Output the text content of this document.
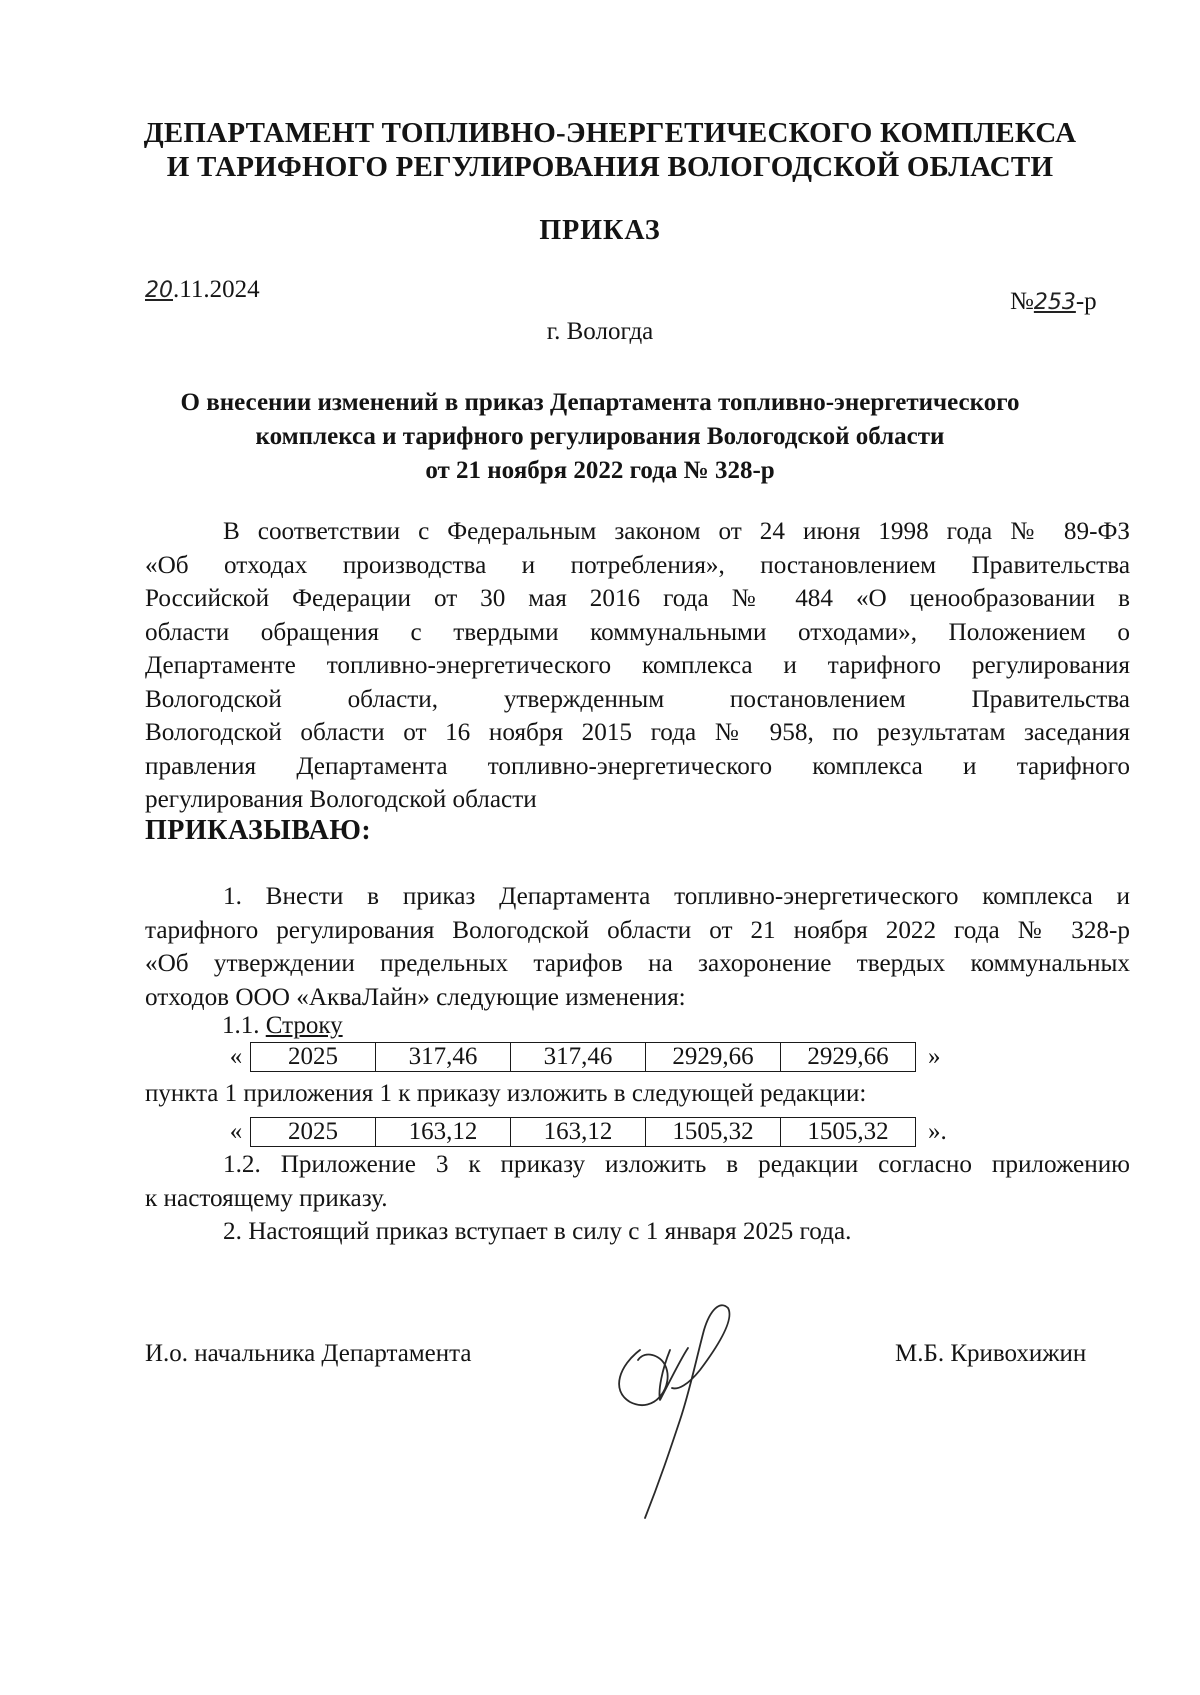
ДЕПАРТАМЕНТ ТОПЛИВНО-ЭНЕРГЕТИЧЕСКОГО КОМПЛЕКСА
И ТАРИФНОГО РЕГУЛИРОВАНИЯ ВОЛОГОДСКОЙ ОБЛАСТИ
ПРИКАЗ
20.11.2024	№253-р
г. Вологда
О внесении изменений в приказ Департамента топливно-энергетического
комплекса и тарифного регулирования Вологодской области
от 21 ноября 2022 года № 328-р
В соответствии с Федеральным законом от 24 июня 1998 года № 89-ФЗ
«Об отходах производства и потребления», постановлением Правительства
Российской Федерации от 30 мая 2016 года № 484 «О ценообразовании в
области обращения с твердыми коммунальными отходами», Положением о
Департаменте топливно-энергетического комплекса и тарифного регулирования
Вологодской области, утвержденным постановлением Правительства
Вологодской области от 16 ноября 2015 года № 958, по результатам заседания
правления Департамента топливно-энергетического комплекса и тарифного
регулирования Вологодской области
ПРИКАЗЫВАЮ:
1. Внести в приказ Департамента топливно-энергетического комплекса и
тарифного регулирования Вологодской области от 21 ноября 2022 года № 328-р
«Об утверждении предельных тарифов на захоронение твердых коммунальных
отходов ООО «АкваЛайн» следующие изменения:
1.1. Строку
«	2025	317,46	317,46	2929,66	2929,66 »
пункта 1 приложения 1 к приказу изложить в следующей редакции:
«	2025	163,12	163,12	1505,32	1505,32 ».
1.2. Приложение 3 к приказу изложить в редакции согласно приложению
к настоящему приказу.
2. Настоящий приказ вступает в силу с 1 января 2025 года.
И.о. начальника Департамента	М.Б. Кривохижин
